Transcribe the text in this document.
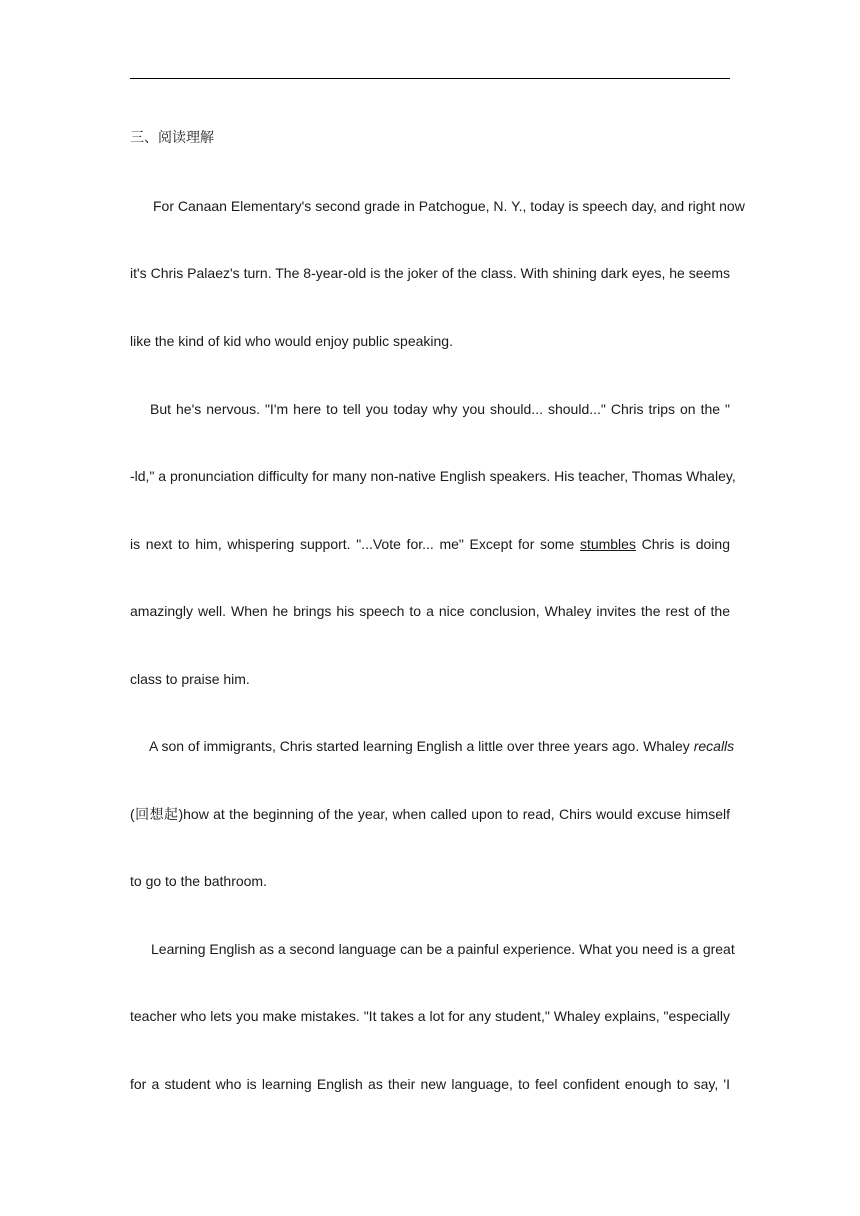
三、阅读理解
For Canaan Elementary's second grade in Patchogue, N. Y., today is speech day, and right now
it's Chris Palaez's turn. The 8-year-old is the joker of the class. With shining dark eyes, he seems
like the kind of kid who would enjoy public speaking.
But he's nervous. "I'm here to tell you today why you should... should..." Chris trips on the "
-ld," a pronunciation difficulty for many non-native English speakers. His teacher, Thomas Whaley,
is next to him, whispering support. "...Vote for... me" Except for some stumbles Chris is doing
amazingly well. When he brings his speech to a nice conclusion, Whaley invites the rest of the
class to praise him.
A son of immigrants, Chris started learning English a little over three years ago. Whaley recalls
(回想起)how at the beginning of the year, when called upon to read, Chirs would excuse himself
to go to the bathroom.
Learning English as a second language can be a painful experience. What you need is a great
teacher who lets you make mistakes. "It takes a lot for any student," Whaley explains, "especially
for a student who is learning English as their new language, to feel confident enough to say, 'I
